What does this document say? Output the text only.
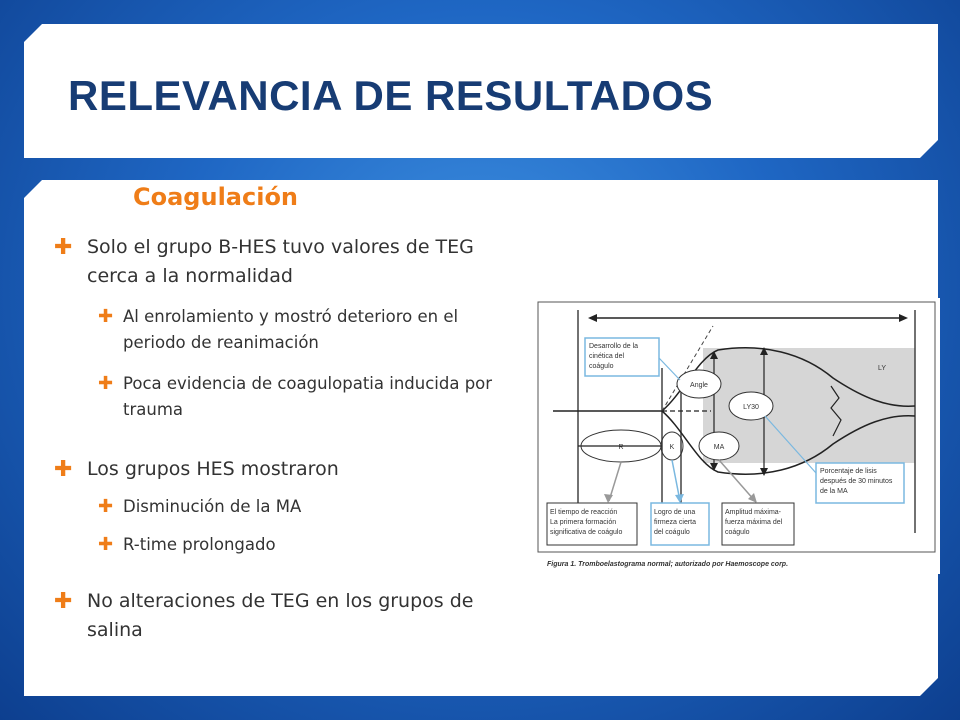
RELEVANCIA DE RESULTADOS
Coagulación
✚ Solo el grupo B-HES tuvo valores de TEG cerca a la normalidad
✚ Al enrolamiento y mostró deterioro en el periodo de reanimación
✚ Poca evidencia de coagulopatia inducida por trauma
✚ Los grupos HES mostraron
✚ Disminución de la MA
✚ R-time prolongado
✚ No alteraciones de TEG en los grupos de salina
R	K
Angle
LY30
MA
LY
Desarrollo de la cinética del coágulo
Porcentaje de lisis después de 30 minutos de la MA
El tiempo de reacción La primera formación significativa de coágulo
Logro de una firmeza cierta del coágulo
Amplitud máxima- fuerza máxima del coágulo
Figura 1. Tromboelastograma normal; autorizado por Haemoscope corp.
